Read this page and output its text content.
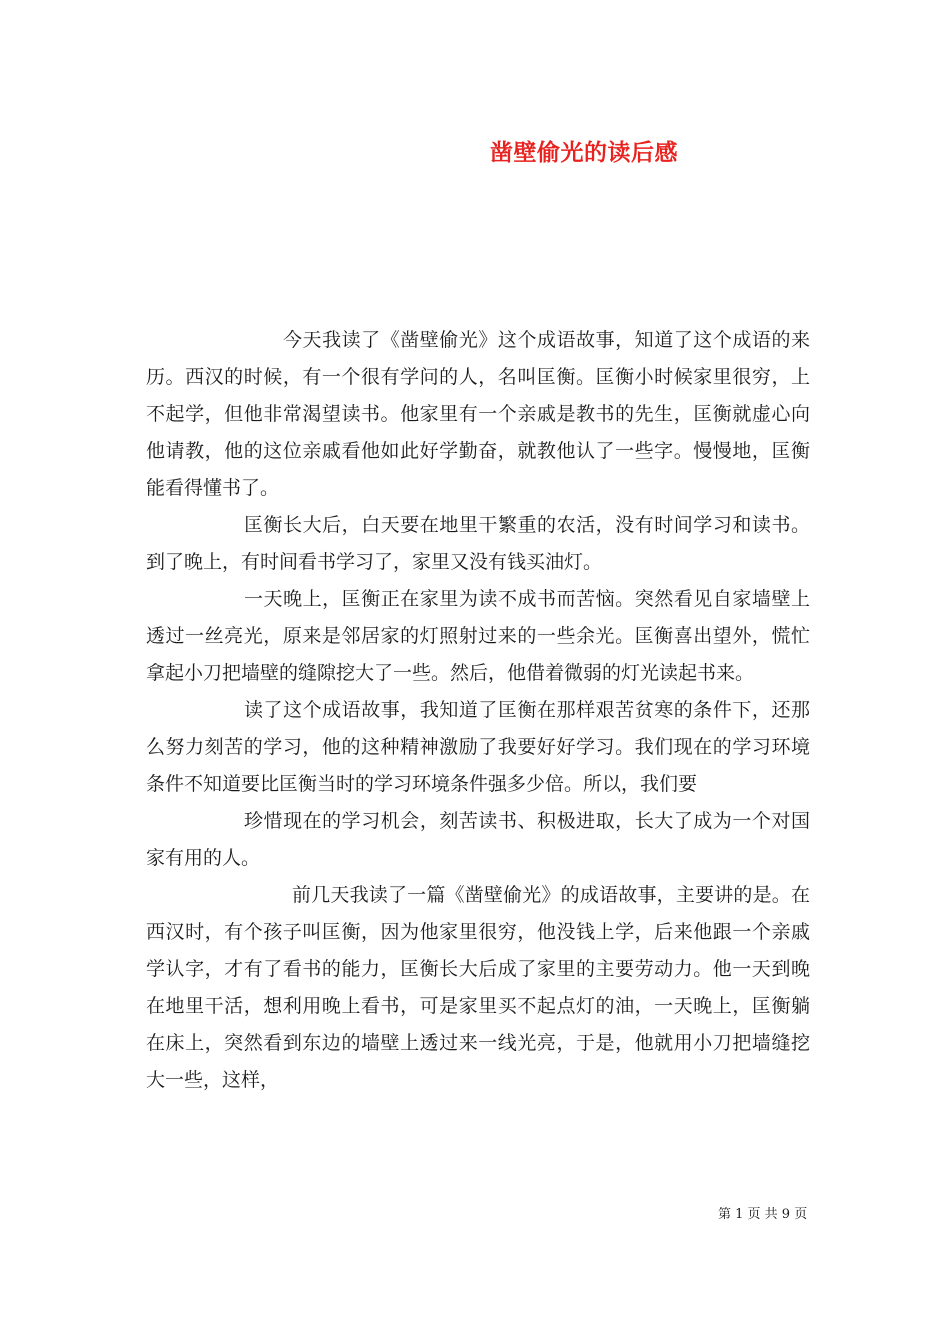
凿壁偷光的读后感

今天我读了《凿壁偷光》这个成语故事，知道了这个成语的来历。西汉的时候，有一个很有学问的人，名叫匡衡。匡衡小时候家里很穷，上不起学，但他非常渴望读书。他家里有一个亲戚是教书的先生，匡衡就虚心向他请教，他的这位亲戚看他如此好学勤奋，就教他认了一些字。慢慢地，匡衡能看得懂书了。

匡衡长大后，白天要在地里干繁重的农活，没有时间学习和读书。到了晚上，有时间看书学习了，家里又没有钱买油灯。

一天晚上，匡衡正在家里为读不成书而苦恼。突然看见自家墙壁上透过一丝亮光，原来是邻居家的灯照射过来的一些余光。匡衡喜出望外，慌忙拿起小刀把墙壁的缝隙挖大了一些。然后，他借着微弱的灯光读起书来。

读了这个成语故事，我知道了匡衡在那样艰苦贫寒的条件下，还那么努力刻苦的学习，他的这种精神激励了我要好好学习。我们现在的学习环境条件不知道要比匡衡当时的学习环境条件强多少倍。所以，我们要

珍惜现在的学习机会，刻苦读书、积极进取，长大了成为一个对国家有用的人。

前几天我读了一篇《凿壁偷光》的成语故事，主要讲的是。在西汉时，有个孩子叫匡衡，因为他家里很穷，他没钱上学，后来他跟一个亲戚学认字，才有了看书的能力，匡衡长大后成了家里的主要劳动力。他一天到晚在地里干活，想利用晚上看书，可是家里买不起点灯的油，一天晚上，匡衡躺在床上，突然看到东边的墙壁上透过来一线光亮，于是，他就用小刀把墙缝挖大一些，这样，

第 1 页 共 9 页
